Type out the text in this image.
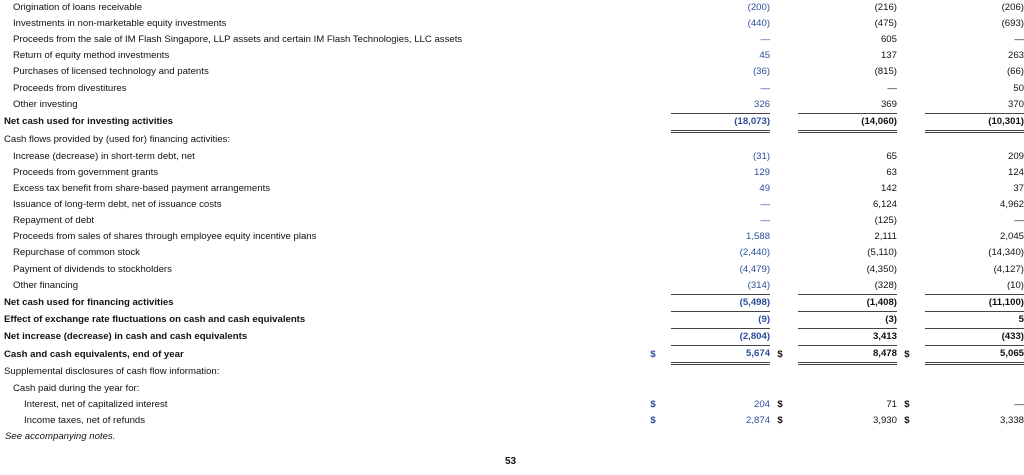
Origination of loans receivable		(200)			(216)			(206)
Investments in non-marketable equity investments		(440)			(475)			(693)
Proceeds from the sale of IM Flash Singapore, LLP assets and certain IM Flash Technologies, LLC assets		—			605			—
Return of equity method investments		45			137			263
Purchases of licensed technology and patents		(36)			(815)			(66)
Proceeds from divestitures		—			—			50
Other investing		326			369			370
Net cash used for investing activities		(18,073)			(14,060)			(10,301)
Cash flows provided by (used for) financing activities:								
Increase (decrease) in short-term debt, net		(31)			65			209
Proceeds from government grants		129			63			124
Excess tax benefit from share-based payment arrangements		49			142			37
Issuance of long-term debt, net of issuance costs		—			6,124			4,962
Repayment of debt		—			(125)			—
Proceeds from sales of shares through employee equity incentive plans		1,588			2,111			2,045
Repurchase of common stock		(2,440)			(5,110)			(14,340)
Payment of dividends to stockholders		(4,479)			(4,350)			(4,127)
Other financing		(314)			(328)			(10)
Net cash used for financing activities		(5,498)			(1,408)			(11,100)
Effect of exchange rate fluctuations on cash and cash equivalents		(9)			(3)			5
Net increase (decrease) in cash and cash equivalents		(2,804)			3,413			(433)
Cash and cash equivalents, end of year	$	5,674		$	8,478		$	5,065
Supplemental disclosures of cash flow information:								
Cash paid during the year for:								
Interest, net of capitalized interest	$	204		$	71		$	—
Income taxes, net of refunds	$	2,874		$	3,930		$	3,338
See accompanying notes.
53
